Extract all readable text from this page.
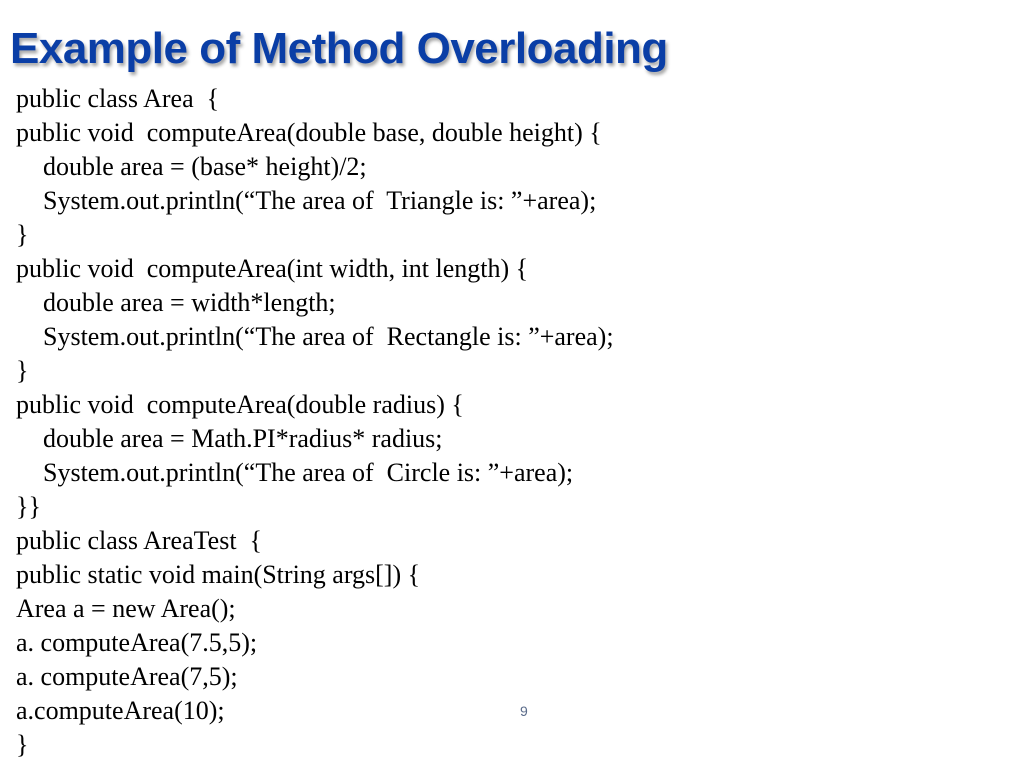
Example of Method Overloading
public class Area  {
public void  computeArea(double base, double height) {
double area = (base* height)/2;
System.out.println(“The area of  Triangle is: ”+area);
}
public void  computeArea(int width, int length) {
double area = width*length;
System.out.println(“The area of  Rectangle is: ”+area);
}
public void  computeArea(double radius) {
double area = Math.PI*radius* radius;
System.out.println(“The area of  Circle is: ”+area);
}}
public class AreaTest  {
public static void main(String args[]) {
Area a = new Area();
a. computeArea(7.5,5);
a. computeArea(7,5);
a.computeArea(10);
}
9
